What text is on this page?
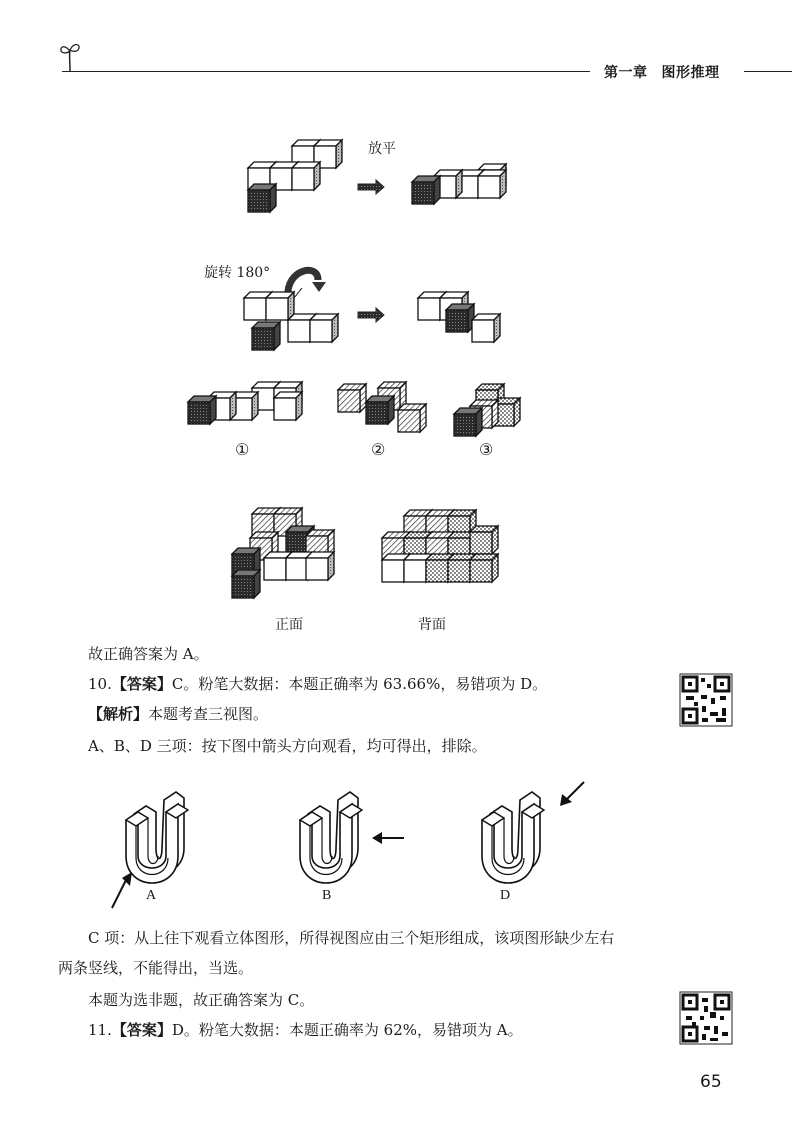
第一章 图形推理
放平
旋转 180°
①	②	③
正面	背面
故正确答案为 A。
10.【答案】C。粉笔大数据：本题正确率为 63.66%，易错项为 D。
【解析】本题考查三视图。
A、B、D 三项：按下图中箭头方向观看，均可得出，排除。
A	B	D
C 项：从上往下观看立体图形，所得视图应由三个矩形组成，该项图形缺少左右
两条竖线，不能得出，当选。
本题为选非题，故正确答案为 C。
11.【答案】D。粉笔大数据：本题正确率为 62%，易错项为 A。
65
